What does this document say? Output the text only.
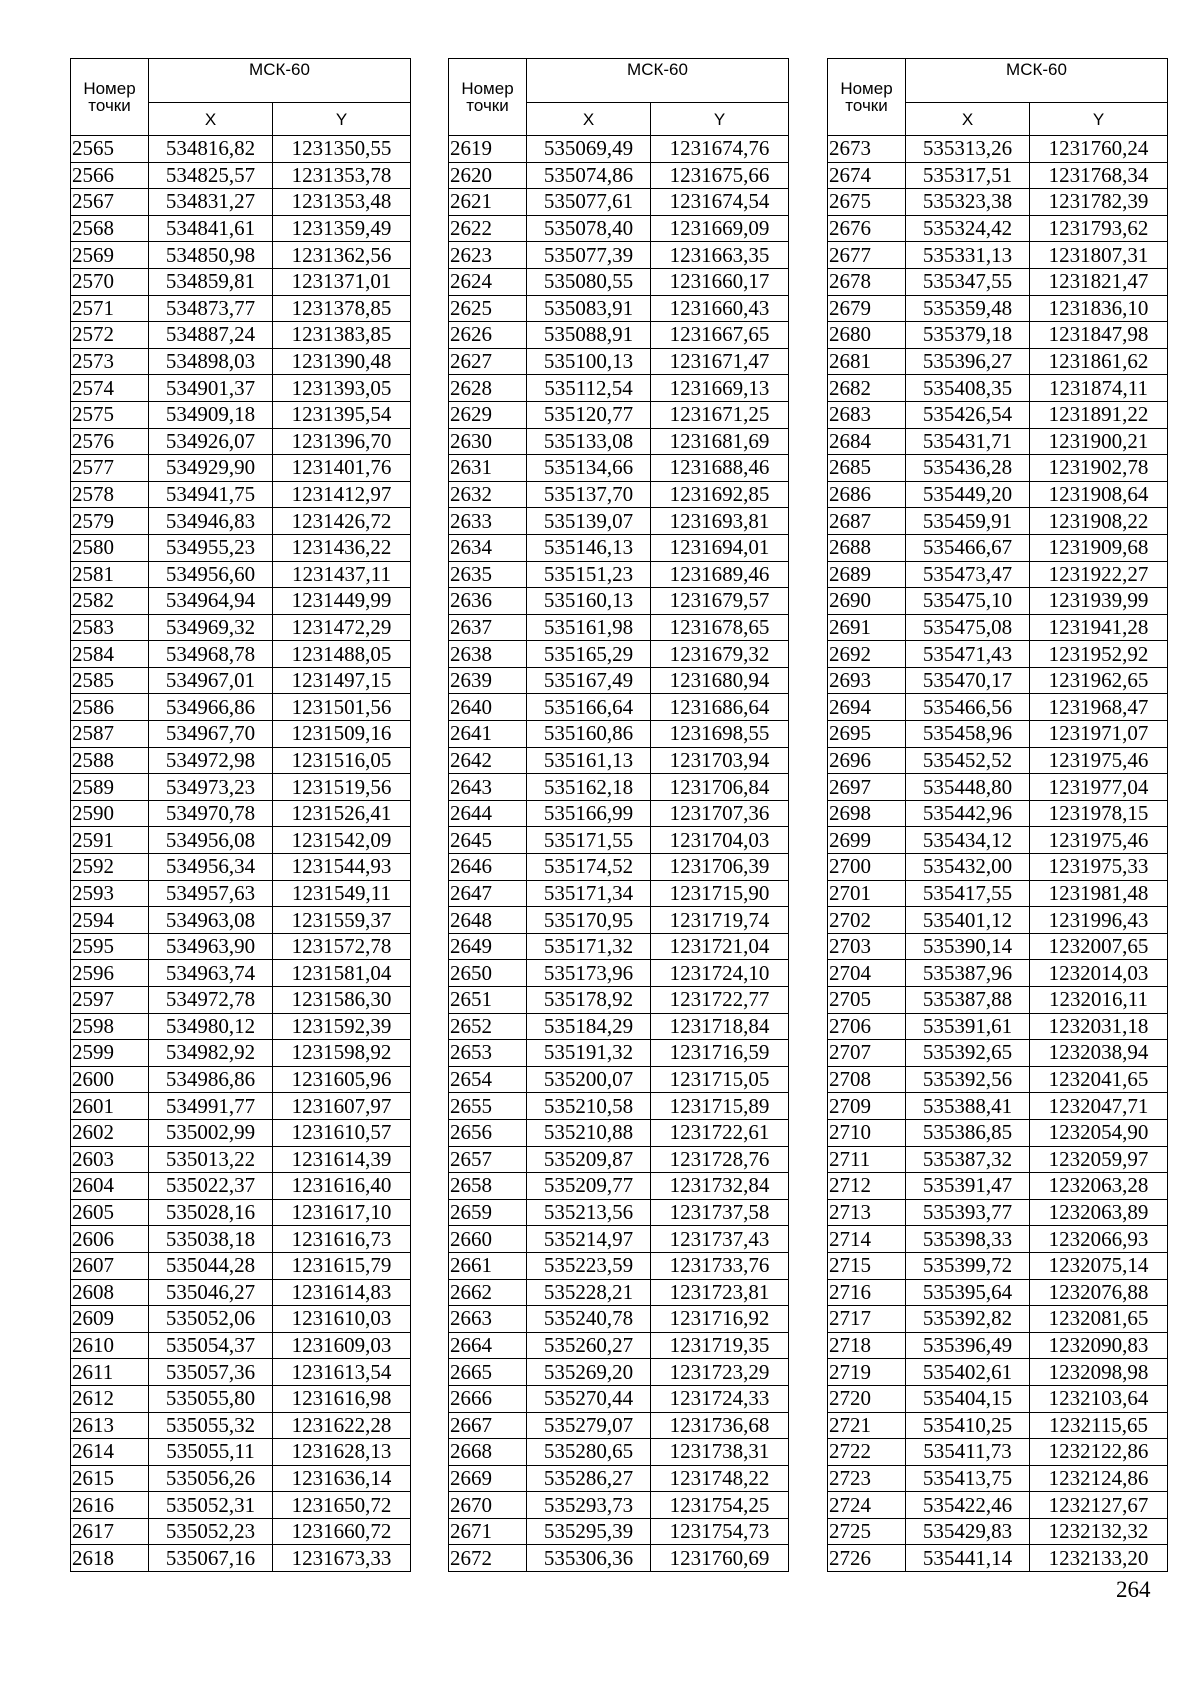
Номер
точки	МСК-60	
	X	Y
2565	534816,82	1231350,55
2566	534825,57	1231353,78
2567	534831,27	1231353,48
2568	534841,61	1231359,49
2569	534850,98	1231362,56
2570	534859,81	1231371,01
2571	534873,77	1231378,85
2572	534887,24	1231383,85
2573	534898,03	1231390,48
2574	534901,37	1231393,05
2575	534909,18	1231395,54
2576	534926,07	1231396,70
2577	534929,90	1231401,76
2578	534941,75	1231412,97
2579	534946,83	1231426,72
2580	534955,23	1231436,22
2581	534956,60	1231437,11
2582	534964,94	1231449,99
2583	534969,32	1231472,29
2584	534968,78	1231488,05
2585	534967,01	1231497,15
2586	534966,86	1231501,56
2587	534967,70	1231509,16
2588	534972,98	1231516,05
2589	534973,23	1231519,56
2590	534970,78	1231526,41
2591	534956,08	1231542,09
2592	534956,34	1231544,93
2593	534957,63	1231549,11
2594	534963,08	1231559,37
2595	534963,90	1231572,78
2596	534963,74	1231581,04
2597	534972,78	1231586,30
2598	534980,12	1231592,39
2599	534982,92	1231598,92
2600	534986,86	1231605,96
2601	534991,77	1231607,97
2602	535002,99	1231610,57
2603	535013,22	1231614,39
2604	535022,37	1231616,40
2605	535028,16	1231617,10
2606	535038,18	1231616,73
2607	535044,28	1231615,79
2608	535046,27	1231614,83
2609	535052,06	1231610,03
2610	535054,37	1231609,03
2611	535057,36	1231613,54
2612	535055,80	1231616,98
2613	535055,32	1231622,28
2614	535055,11	1231628,13
2615	535056,26	1231636,14
2616	535052,31	1231650,72
2617	535052,23	1231660,72
2618	535067,16	1231673,33
Номер
точки	МСК-60	
	X	Y
2619	535069,49	1231674,76
2620	535074,86	1231675,66
2621	535077,61	1231674,54
2622	535078,40	1231669,09
2623	535077,39	1231663,35
2624	535080,55	1231660,17
2625	535083,91	1231660,43
2626	535088,91	1231667,65
2627	535100,13	1231671,47
2628	535112,54	1231669,13
2629	535120,77	1231671,25
2630	535133,08	1231681,69
2631	535134,66	1231688,46
2632	535137,70	1231692,85
2633	535139,07	1231693,81
2634	535146,13	1231694,01
2635	535151,23	1231689,46
2636	535160,13	1231679,57
2637	535161,98	1231678,65
2638	535165,29	1231679,32
2639	535167,49	1231680,94
2640	535166,64	1231686,64
2641	535160,86	1231698,55
2642	535161,13	1231703,94
2643	535162,18	1231706,84
2644	535166,99	1231707,36
2645	535171,55	1231704,03
2646	535174,52	1231706,39
2647	535171,34	1231715,90
2648	535170,95	1231719,74
2649	535171,32	1231721,04
2650	535173,96	1231724,10
2651	535178,92	1231722,77
2652	535184,29	1231718,84
2653	535191,32	1231716,59
2654	535200,07	1231715,05
2655	535210,58	1231715,89
2656	535210,88	1231722,61
2657	535209,87	1231728,76
2658	535209,77	1231732,84
2659	535213,56	1231737,58
2660	535214,97	1231737,43
2661	535223,59	1231733,76
2662	535228,21	1231723,81
2663	535240,78	1231716,92
2664	535260,27	1231719,35
2665	535269,20	1231723,29
2666	535270,44	1231724,33
2667	535279,07	1231736,68
2668	535280,65	1231738,31
2669	535286,27	1231748,22
2670	535293,73	1231754,25
2671	535295,39	1231754,73
2672	535306,36	1231760,69
Номер
точки	МСК-60	
	X	Y
2673	535313,26	1231760,24
2674	535317,51	1231768,34
2675	535323,38	1231782,39
2676	535324,42	1231793,62
2677	535331,13	1231807,31
2678	535347,55	1231821,47
2679	535359,48	1231836,10
2680	535379,18	1231847,98
2681	535396,27	1231861,62
2682	535408,35	1231874,11
2683	535426,54	1231891,22
2684	535431,71	1231900,21
2685	535436,28	1231902,78
2686	535449,20	1231908,64
2687	535459,91	1231908,22
2688	535466,67	1231909,68
2689	535473,47	1231922,27
2690	535475,10	1231939,99
2691	535475,08	1231941,28
2692	535471,43	1231952,92
2693	535470,17	1231962,65
2694	535466,56	1231968,47
2695	535458,96	1231971,07
2696	535452,52	1231975,46
2697	535448,80	1231977,04
2698	535442,96	1231978,15
2699	535434,12	1231975,46
2700	535432,00	1231975,33
2701	535417,55	1231981,48
2702	535401,12	1231996,43
2703	535390,14	1232007,65
2704	535387,96	1232014,03
2705	535387,88	1232016,11
2706	535391,61	1232031,18
2707	535392,65	1232038,94
2708	535392,56	1232041,65
2709	535388,41	1232047,71
2710	535386,85	1232054,90
2711	535387,32	1232059,97
2712	535391,47	1232063,28
2713	535393,77	1232063,89
2714	535398,33	1232066,93
2715	535399,72	1232075,14
2716	535395,64	1232076,88
2717	535392,82	1232081,65
2718	535396,49	1232090,83
2719	535402,61	1232098,98
2720	535404,15	1232103,64
2721	535410,25	1232115,65
2722	535411,73	1232122,86
2723	535413,75	1232124,86
2724	535422,46	1232127,67
2725	535429,83	1232132,32
2726	535441,14	1232133,20
264
